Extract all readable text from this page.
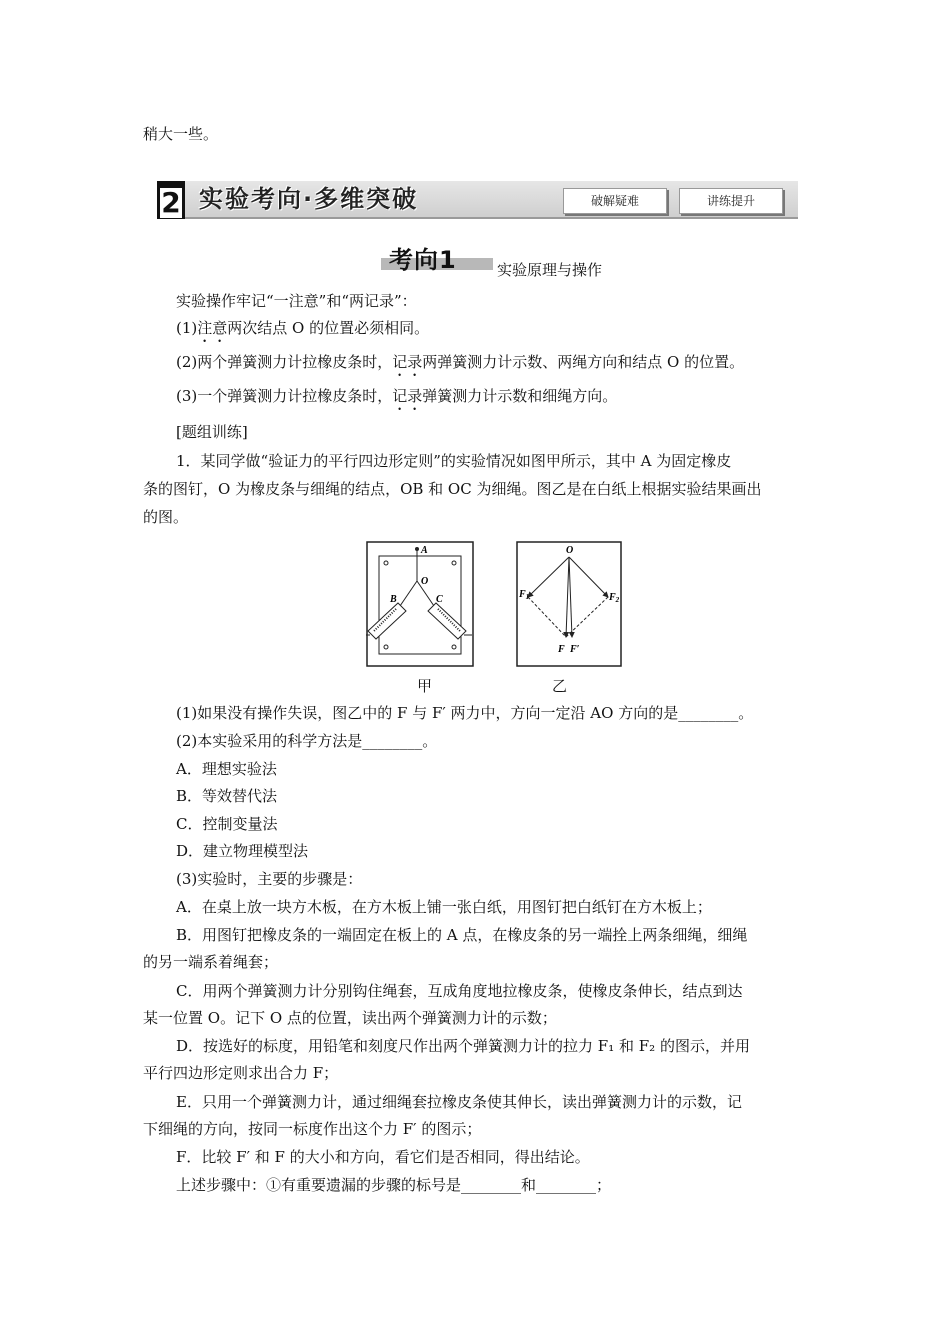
稍大一些。
2 实验考向·多维突破	破解疑难	讲练提升
考向1	实验原理与操作
实验操作牢记“一注意”和“两记录”：
(1)注意两次结点 O 的位置必须相同。
(2)两个弹簧测力计拉橡皮条时，记录两弹簧测力计示数、两绳方向和结点 O 的位置。
(3)一个弹簧测力计拉橡皮条时，记录弹簧测力计示数和细绳方向。
[题组训练]
1．某同学做“验证力的平行四边形定则”的实验情况如图甲所示，其中 A 为固定橡皮
条的图钉，O 为橡皮条与细绳的结点，OB 和 OC 为细绳。图乙是在白纸上根据实验结果画出
的图。
A
O
B	C
O
$F_1$	$F_2$
F F′
甲	乙
(1)如果没有操作失误，图乙中的 F 与 F′ 两力中，方向一定沿 AO 方向的是________。
(2)本实验采用的科学方法是________。
A．理想实验法
B．等效替代法
C．控制变量法
D．建立物理模型法
(3)实验时，主要的步骤是：
A．在桌上放一块方木板，在方木板上铺一张白纸，用图钉把白纸钉在方木板上；
B．用图钉把橡皮条的一端固定在板上的 A 点，在橡皮条的另一端拴上两条细绳，细绳
的另一端系着绳套；
C．用两个弹簧测力计分别钩住绳套，互成角度地拉橡皮条，使橡皮条伸长，结点到达
某一位置 O。记下 O 点的位置，读出两个弹簧测力计的示数；
D．按选好的标度，用铅笔和刻度尺作出两个弹簧测力计的拉力 F₁ 和 F₂ 的图示，并用
平行四边形定则求出合力 F；
E．只用一个弹簧测力计，通过细绳套拉橡皮条使其伸长，读出弹簧测力计的示数，记
下细绳的方向，按同一标度作出这个力 F′ 的图示；
F．比较 F′ 和 F 的大小和方向，看它们是否相同，得出结论。
上述步骤中：①有重要遗漏的步骤的标号是________和________；
